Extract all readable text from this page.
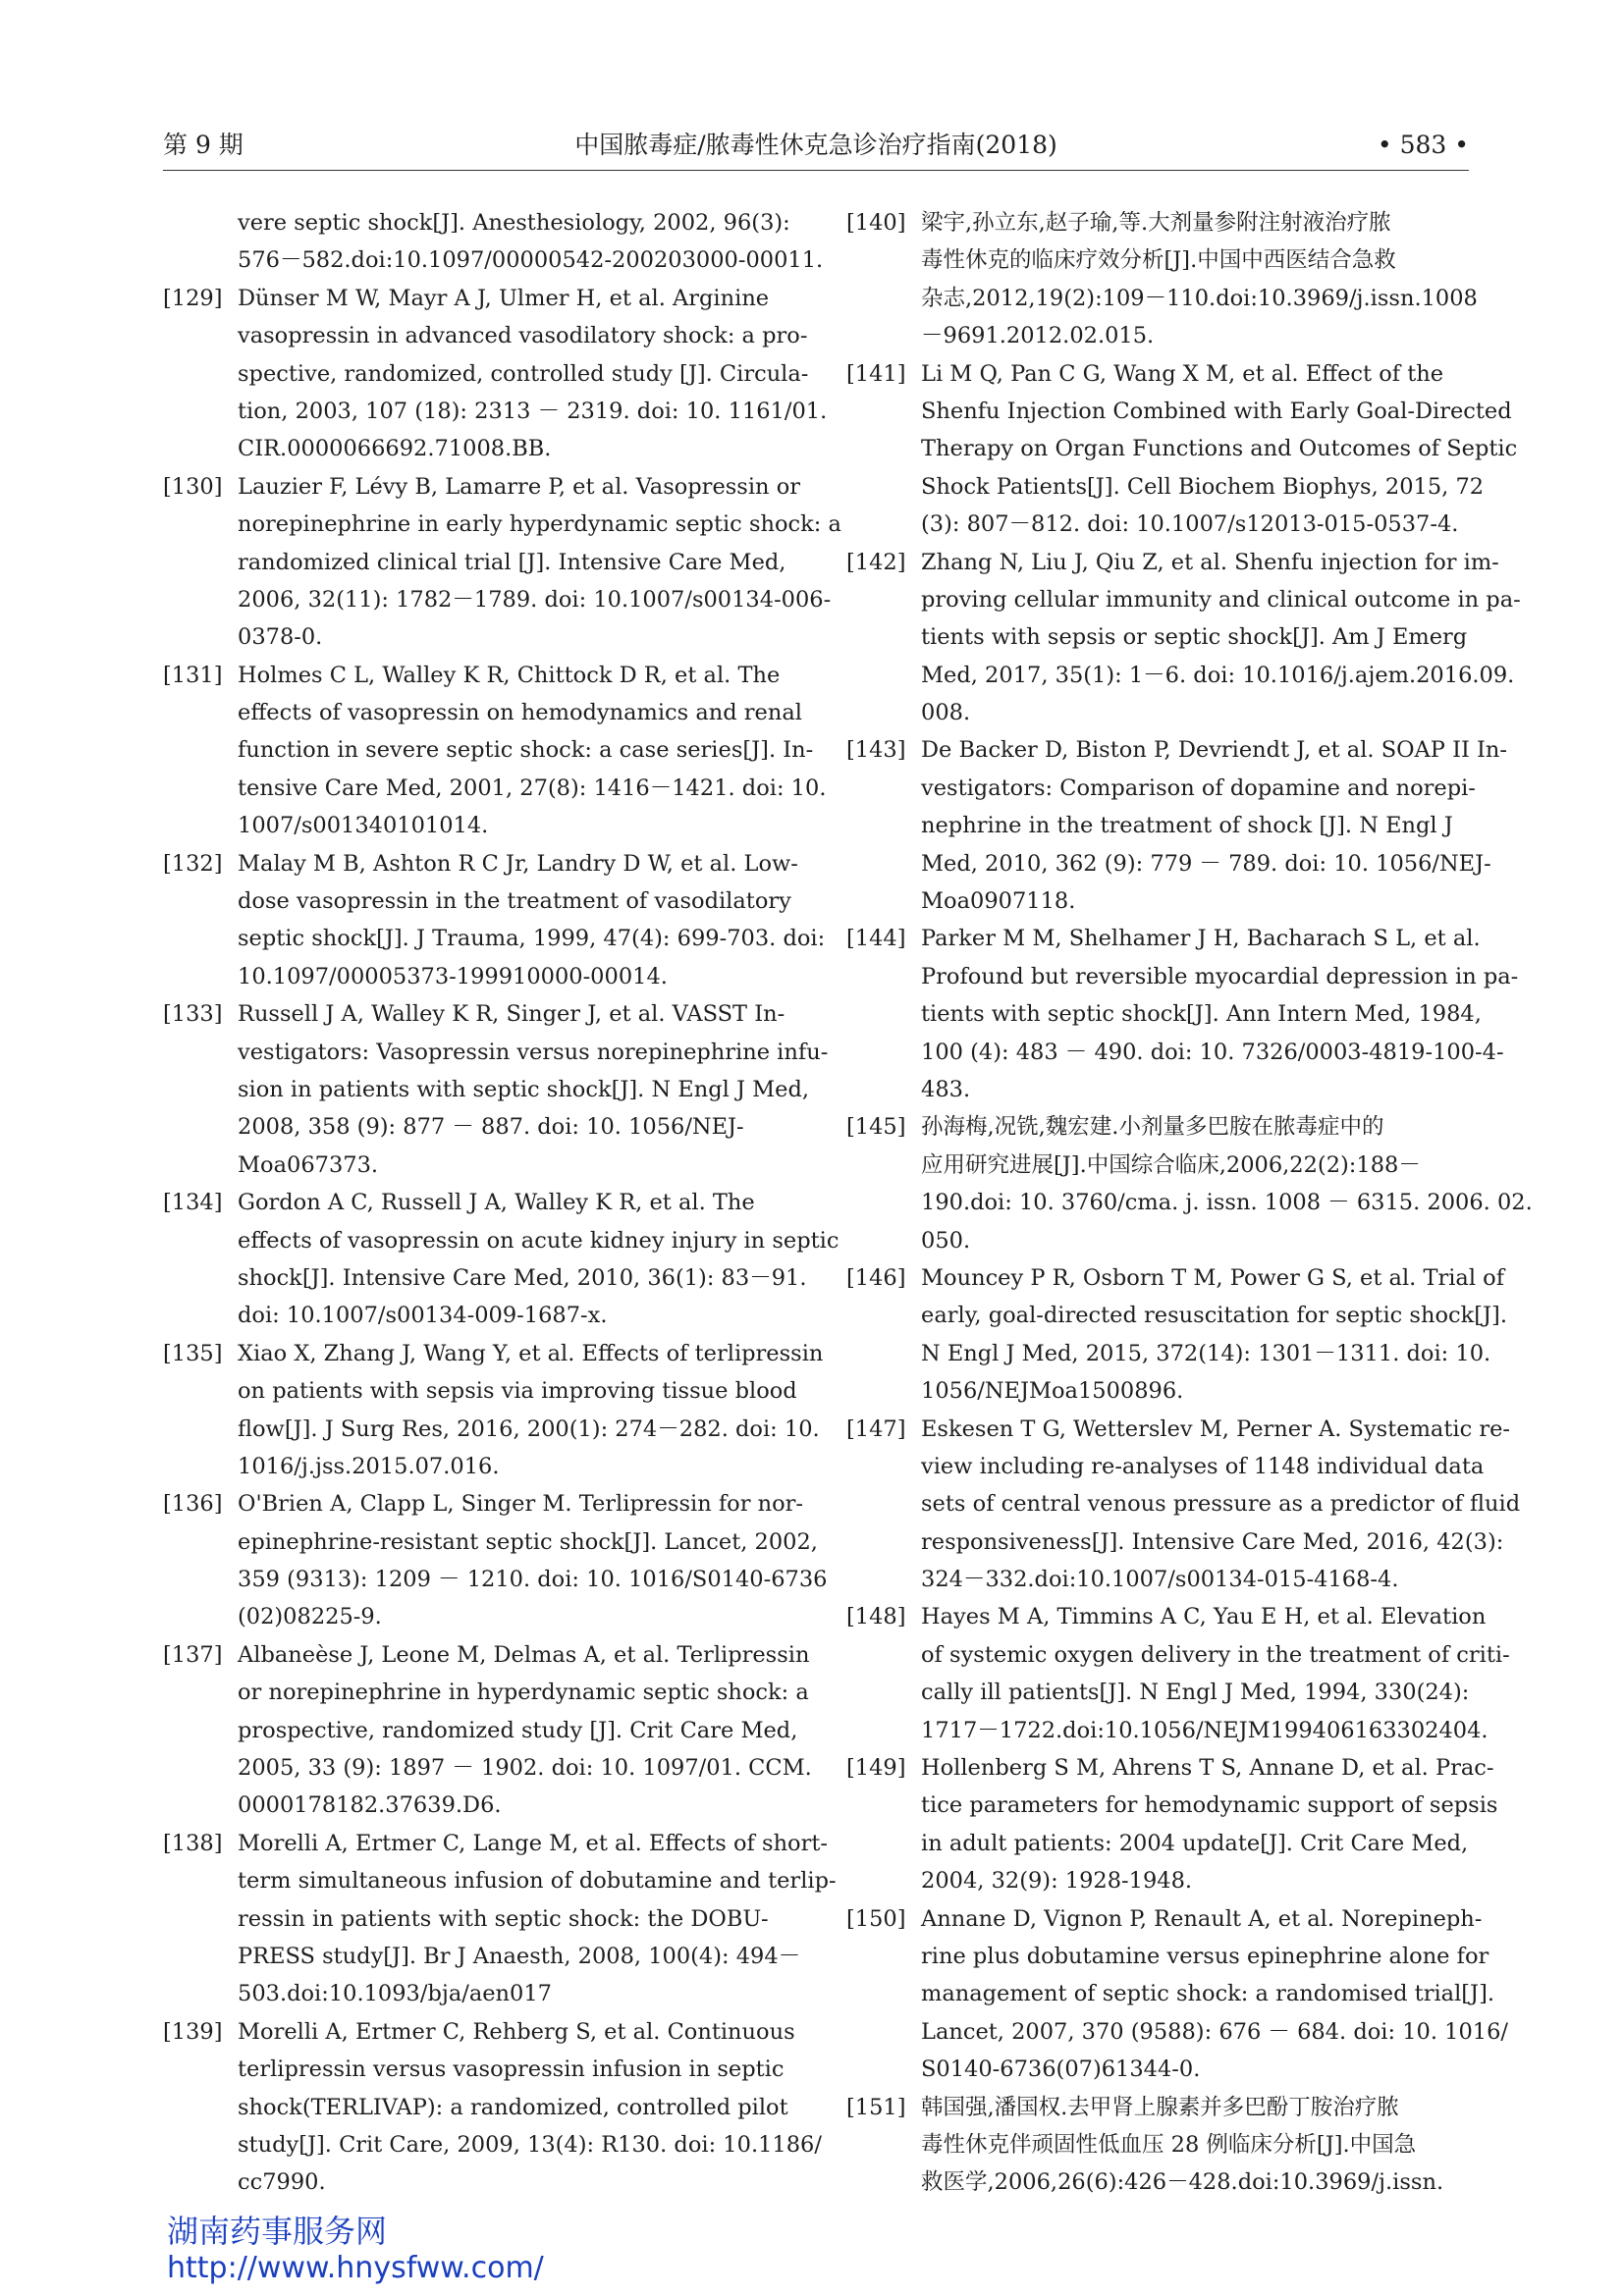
第 9 期	中国脓毒症/脓毒性休克急诊治疗指南(2018)	• 583 •
vere septic shock[J]. Anesthesiology, 2002, 96(3):
576－582.doi:10.1097/00000542-200203000-00011.
[129] Dünser M W, Mayr A J, Ulmer H, et al. Arginine
vasopressin in advanced vasodilatory shock: a pro-
spective, randomized, controlled study [J]. Circula-
tion, 2003, 107 (18): 2313 － 2319. doi: 10. 1161/01.
CIR.0000066692.71008.BB.
[130] Lauzier F, Lévy B, Lamarre P, et al. Vasopressin or
norepinephrine in early hyperdynamic septic shock: a
randomized clinical trial [J]. Intensive Care Med,
2006, 32(11): 1782－1789. doi: 10.1007/s00134-006-
0378-0.
[131] Holmes C L, Walley K R, Chittock D R, et al. The
effects of vasopressin on hemodynamics and renal
function in severe septic shock: a case series[J]. In-
tensive Care Med, 2001, 27(8): 1416－1421. doi: 10.
1007/s001340101014.
[132] Malay M B, Ashton R C Jr, Landry D W, et al. Low-
dose vasopressin in the treatment of vasodilatory
septic shock[J]. J Trauma, 1999, 47(4): 699-703. doi:
10.1097/00005373-199910000-00014.
[133] Russell J A, Walley K R, Singer J, et al. VASST In-
vestigators: Vasopressin versus norepinephrine infu-
sion in patients with septic shock[J]. N Engl J Med,
2008, 358 (9): 877 － 887. doi: 10. 1056/NEJ-
Moa067373.
[134] Gordon A C, Russell J A, Walley K R, et al. The
effects of vasopressin on acute kidney injury in septic
shock[J]. Intensive Care Med, 2010, 36(1): 83－91.
doi: 10.1007/s00134-009-1687-x.
[135] Xiao X, Zhang J, Wang Y, et al. Effects of terlipressin
on patients with sepsis via improving tissue blood
flow[J]. J Surg Res, 2016, 200(1): 274－282. doi: 10.
1016/j.jss.2015.07.016.
[136] O'Brien A, Clapp L, Singer M. Terlipressin for nor-
epinephrine-resistant septic shock[J]. Lancet, 2002,
359 (9313): 1209 － 1210. doi: 10. 1016/S0140-6736
(02)08225-9.
[137] Albaneèse J, Leone M, Delmas A, et al. Terlipressin
or norepinephrine in hyperdynamic septic shock: a
prospective, randomized study [J]. Crit Care Med,
2005, 33 (9): 1897 － 1902. doi: 10. 1097/01. CCM.
0000178182.37639.D6.
[138] Morelli A, Ertmer C, Lange M, et al. Effects of short-
term simultaneous infusion of dobutamine and terlip-
ressin in patients with septic shock: the DOBU-
PRESS study[J]. Br J Anaesth, 2008, 100(4): 494－
503.doi:10.1093/bja/aen017
[139] Morelli A, Ertmer C, Rehberg S, et al. Continuous
terlipressin versus vasopressin infusion in septic
shock(TERLIVAP): a randomized, controlled pilot
study[J]. Crit Care, 2009, 13(4): R130. doi: 10.1186/
cc7990.
[140] 梁宇,孙立东,赵子瑜,等.大剂量参附注射液治疗脓
毒性休克的临床疗效分析[J].中国中西医结合急救
杂志,2012,19(2):109－110.doi:10.3969/j.issn.1008
－9691.2012.02.015.
[141] Li M Q, Pan C G, Wang X M, et al. Effect of the
Shenfu Injection Combined with Early Goal-Directed
Therapy on Organ Functions and Outcomes of Septic
Shock Patients[J]. Cell Biochem Biophys, 2015, 72
(3): 807－812. doi: 10.1007/s12013-015-0537-4.
[142] Zhang N, Liu J, Qiu Z, et al. Shenfu injection for im-
proving cellular immunity and clinical outcome in pa-
tients with sepsis or septic shock[J]. Am J Emerg
Med, 2017, 35(1): 1－6. doi: 10.1016/j.ajem.2016.09.
008.
[143] De Backer D, Biston P, Devriendt J, et al. SOAP II In-
vestigators: Comparison of dopamine and norepi-
nephrine in the treatment of shock [J]. N Engl J
Med, 2010, 362 (9): 779 － 789. doi: 10. 1056/NEJ-
Moa0907118.
[144] Parker M M, Shelhamer J H, Bacharach S L, et al.
Profound but reversible myocardial depression in pa-
tients with septic shock[J]. Ann Intern Med, 1984,
100 (4): 483 － 490. doi: 10. 7326/0003-4819-100-4-
483.
[145] 孙海梅,况铣,魏宏建.小剂量多巴胺在脓毒症中的
应用研究进展[J].中国综合临床,2006,22(2):188－
190.doi: 10. 3760/cma. j. issn. 1008 － 6315. 2006. 02.
050.
[146] Mouncey P R, Osborn T M, Power G S, et al. Trial of
early, goal-directed resuscitation for septic shock[J].
N Engl J Med, 2015, 372(14): 1301－1311. doi: 10.
1056/NEJMoa1500896.
[147] Eskesen T G, Wetterslev M, Perner A. Systematic re-
view including re-analyses of 1148 individual data
sets of central venous pressure as a predictor of fluid
responsiveness[J]. Intensive Care Med, 2016, 42(3):
324－332.doi:10.1007/s00134-015-4168-4.
[148] Hayes M A, Timmins A C, Yau E H, et al. Elevation
of systemic oxygen delivery in the treatment of criti-
cally ill patients[J]. N Engl J Med, 1994, 330(24):
1717－1722.doi:10.1056/NEJM199406163302404.
[149] Hollenberg S M, Ahrens T S, Annane D, et al. Prac-
tice parameters for hemodynamic support of sepsis
in adult patients: 2004 update[J]. Crit Care Med,
2004, 32(9): 1928-1948.
[150] Annane D, Vignon P, Renault A, et al. Norepineph-
rine plus dobutamine versus epinephrine alone for
management of septic shock: a randomised trial[J].
Lancet, 2007, 370 (9588): 676 － 684. doi: 10. 1016/
S0140-6736(07)61344-0.
[151] 韩国强,潘国权.去甲肾上腺素并多巴酚丁胺治疗脓
毒性休克伴顽固性低血压 28 例临床分析[J].中国急
救医学,2006,26(6):426－428.doi:10.3969/j.issn.
湖南药事服务网
http://www.hnysfww.com/
